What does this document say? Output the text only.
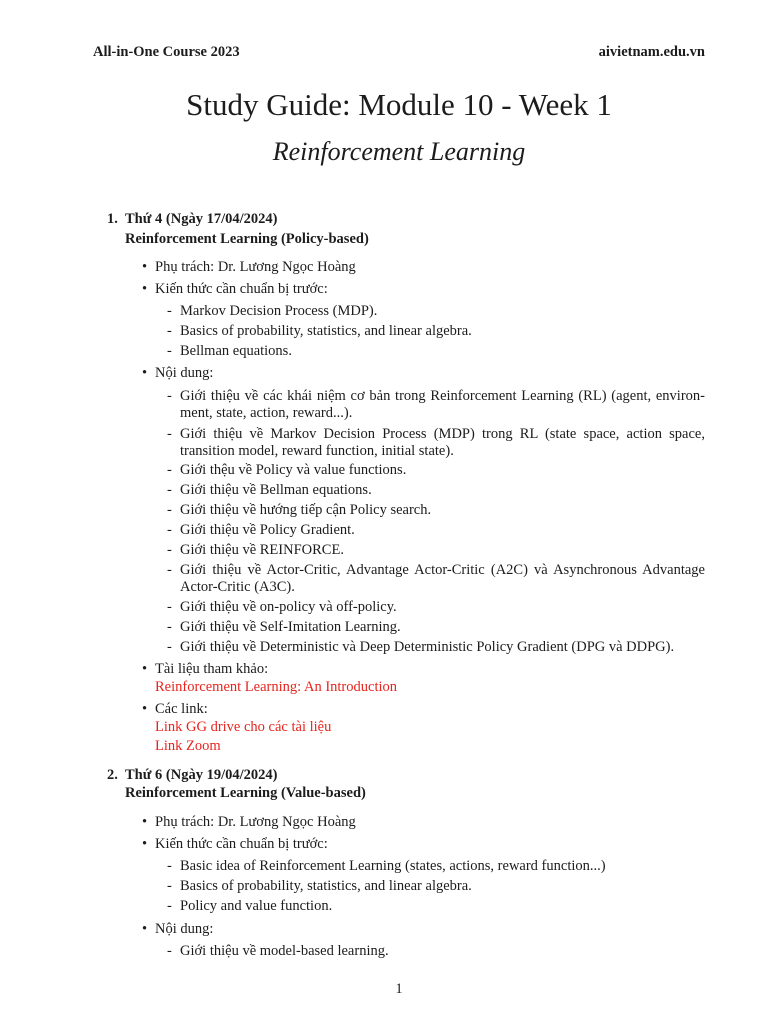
All-in-One Course 2023	aivietnam.edu.vn
Study Guide: Module 10 - Week 1
Reinforcement Learning
1. Thứ 4 (Ngày 17/04/2024)
Reinforcement Learning (Policy-based)
• Phụ trách: Dr. Lương Ngọc Hoàng
• Kiến thức cần chuẩn bị trước:
- Markov Decision Process (MDP).
- Basics of probability, statistics, and linear algebra.
- Bellman equations.
• Nội dung:
- Giới thiệu về các khái niệm cơ bản trong Reinforcement Learning (RL) (agent, environ-
ment, state, action, reward...).
- Giới thiệu về Markov Decision Process (MDP) trong RL (state space, action space,
transition model, reward function, initial state).
- Giới thệu về Policy và value functions.
- Giới thiệu về Bellman equations.
- Giới thiệu về hướng tiếp cận Policy search.
- Giới thiệu về Policy Gradient.
- Giới thiệu về REINFORCE.
- Giới thiệu về Actor-Critic, Advantage Actor-Critic (A2C) và Asynchronous Advantage
Actor-Critic (A3C).
- Giới thiệu về on-policy và off-policy.
- Giới thiệu về Self-Imitation Learning.
- Giới thiệu về Deterministic và Deep Deterministic Policy Gradient (DPG và DDPG).
• Tài liệu tham khảo:
Reinforcement Learning: An Introduction
• Các link:
Link GG drive cho các tài liệu
Link Zoom
2. Thứ 6 (Ngày 19/04/2024)
Reinforcement Learning (Value-based)
• Phụ trách: Dr. Lương Ngọc Hoàng
• Kiến thức cần chuẩn bị trước:
- Basic idea of Reinforcement Learning (states, actions, reward function...)
- Basics of probability, statistics, and linear algebra.
- Policy and value function.
• Nội dung:
- Giới thiệu về model-based learning.
1
